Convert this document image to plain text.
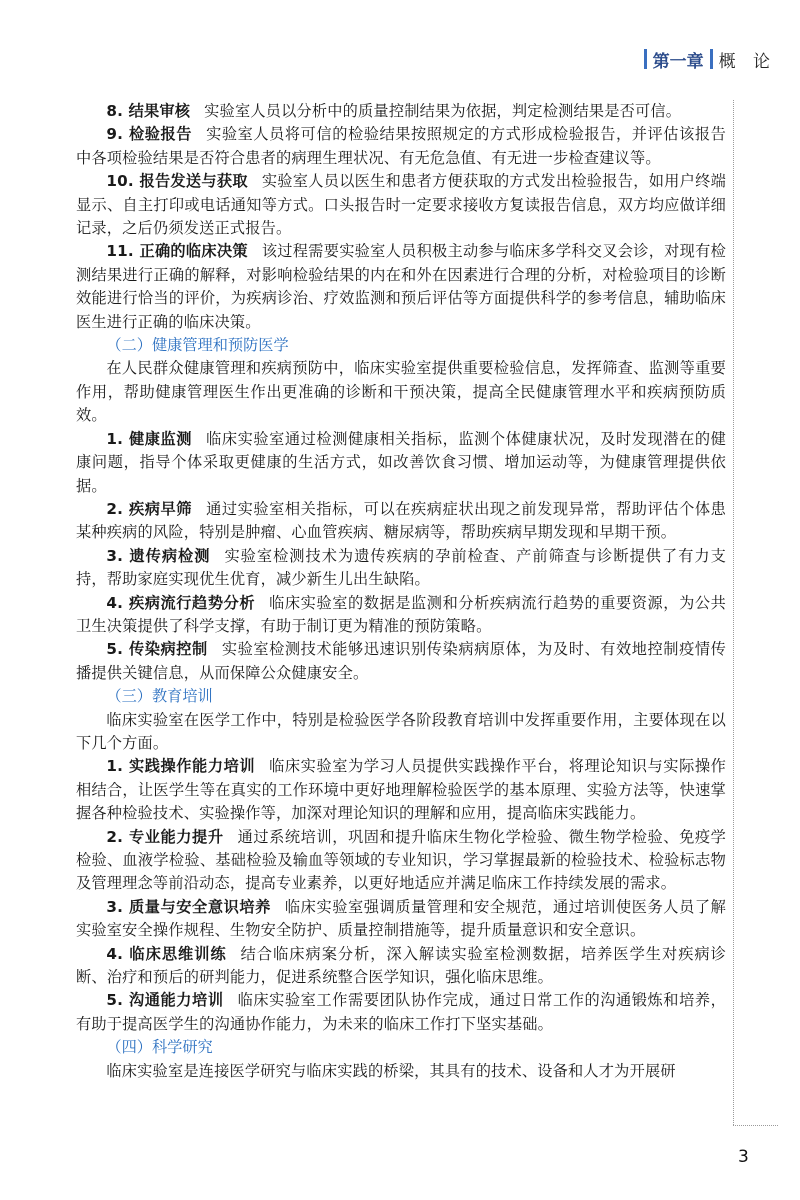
第一章 概 论

8. 结果审核 实验室人员以分析中的质量控制结果为依据，判定检测结果是否可信。

9. 检验报告 实验室人员将可信的检验结果按照规定的方式形成检验报告，并评估该报告中各项检验结果是否符合患者的病理生理状况、有无危急值、有无进一步检查建议等。

10. 报告发送与获取 实验室人员以医生和患者方便获取的方式发出检验报告，如用户终端显示、自主打印或电话通知等方式。口头报告时一定要求接收方复读报告信息，双方均应做详细记录，之后仍须发送正式报告。

11. 正确的临床决策 该过程需要实验室人员积极主动参与临床多学科交叉会诊，对现有检测结果进行正确的解释，对影响检验结果的内在和外在因素进行合理的分析，对检验项目的诊断效能进行恰当的评价，为疾病诊治、疗效监测和预后评估等方面提供科学的参考信息，辅助临床医生进行正确的临床决策。

（二）健康管理和预防医学

在人民群众健康管理和疾病预防中，临床实验室提供重要检验信息，发挥筛查、监测等重要作用，帮助健康管理医生作出更准确的诊断和干预决策，提高全民健康管理水平和疾病预防质效。

1. 健康监测 临床实验室通过检测健康相关指标，监测个体健康状况，及时发现潜在的健康问题，指导个体采取更健康的生活方式，如改善饮食习惯、增加运动等，为健康管理提供依据。

2. 疾病早筛 通过实验室相关指标，可以在疾病症状出现之前发现异常，帮助评估个体患某种疾病的风险，特别是肿瘤、心血管疾病、糖尿病等，帮助疾病早期发现和早期干预。

3. 遗传病检测 实验室检测技术为遗传疾病的孕前检查、产前筛查与诊断提供了有力支持，帮助家庭实现优生优育，减少新生儿出生缺陷。

4. 疾病流行趋势分析 临床实验室的数据是监测和分析疾病流行趋势的重要资源，为公共卫生决策提供了科学支撑，有助于制订更为精准的预防策略。

5. 传染病控制 实验室检测技术能够迅速识别传染病病原体，为及时、有效地控制疫情传播提供关键信息，从而保障公众健康安全。

（三）教育培训

临床实验室在医学工作中，特别是检验医学各阶段教育培训中发挥重要作用，主要体现在以下几个方面。

1. 实践操作能力培训 临床实验室为学习人员提供实践操作平台，将理论知识与实际操作相结合，让医学生等在真实的工作环境中更好地理解检验医学的基本原理、实验方法等，快速掌握各种检验技术、实验操作等，加深对理论知识的理解和应用，提高临床实践能力。

2. 专业能力提升 通过系统培训，巩固和提升临床生物化学检验、微生物学检验、免疫学检验、血液学检验、基础检验及输血等领域的专业知识，学习掌握最新的检验技术、检验标志物及管理理念等前沿动态，提高专业素养，以更好地适应并满足临床工作持续发展的需求。

3. 质量与安全意识培养 临床实验室强调质量管理和安全规范，通过培训使医务人员了解实验室安全操作规程、生物安全防护、质量控制措施等，提升质量意识和安全意识。

4. 临床思维训练 结合临床病案分析，深入解读实验室检测数据，培养医学生对疾病诊断、治疗和预后的研判能力，促进系统整合医学知识，强化临床思维。

5. 沟通能力培训 临床实验室工作需要团队协作完成，通过日常工作的沟通锻炼和培养，有助于提高医学生的沟通协作能力，为未来的临床工作打下坚实基础。

（四）科学研究

临床实验室是连接医学研究与临床实践的桥梁，其具有的技术、设备和人才为开展研

3
